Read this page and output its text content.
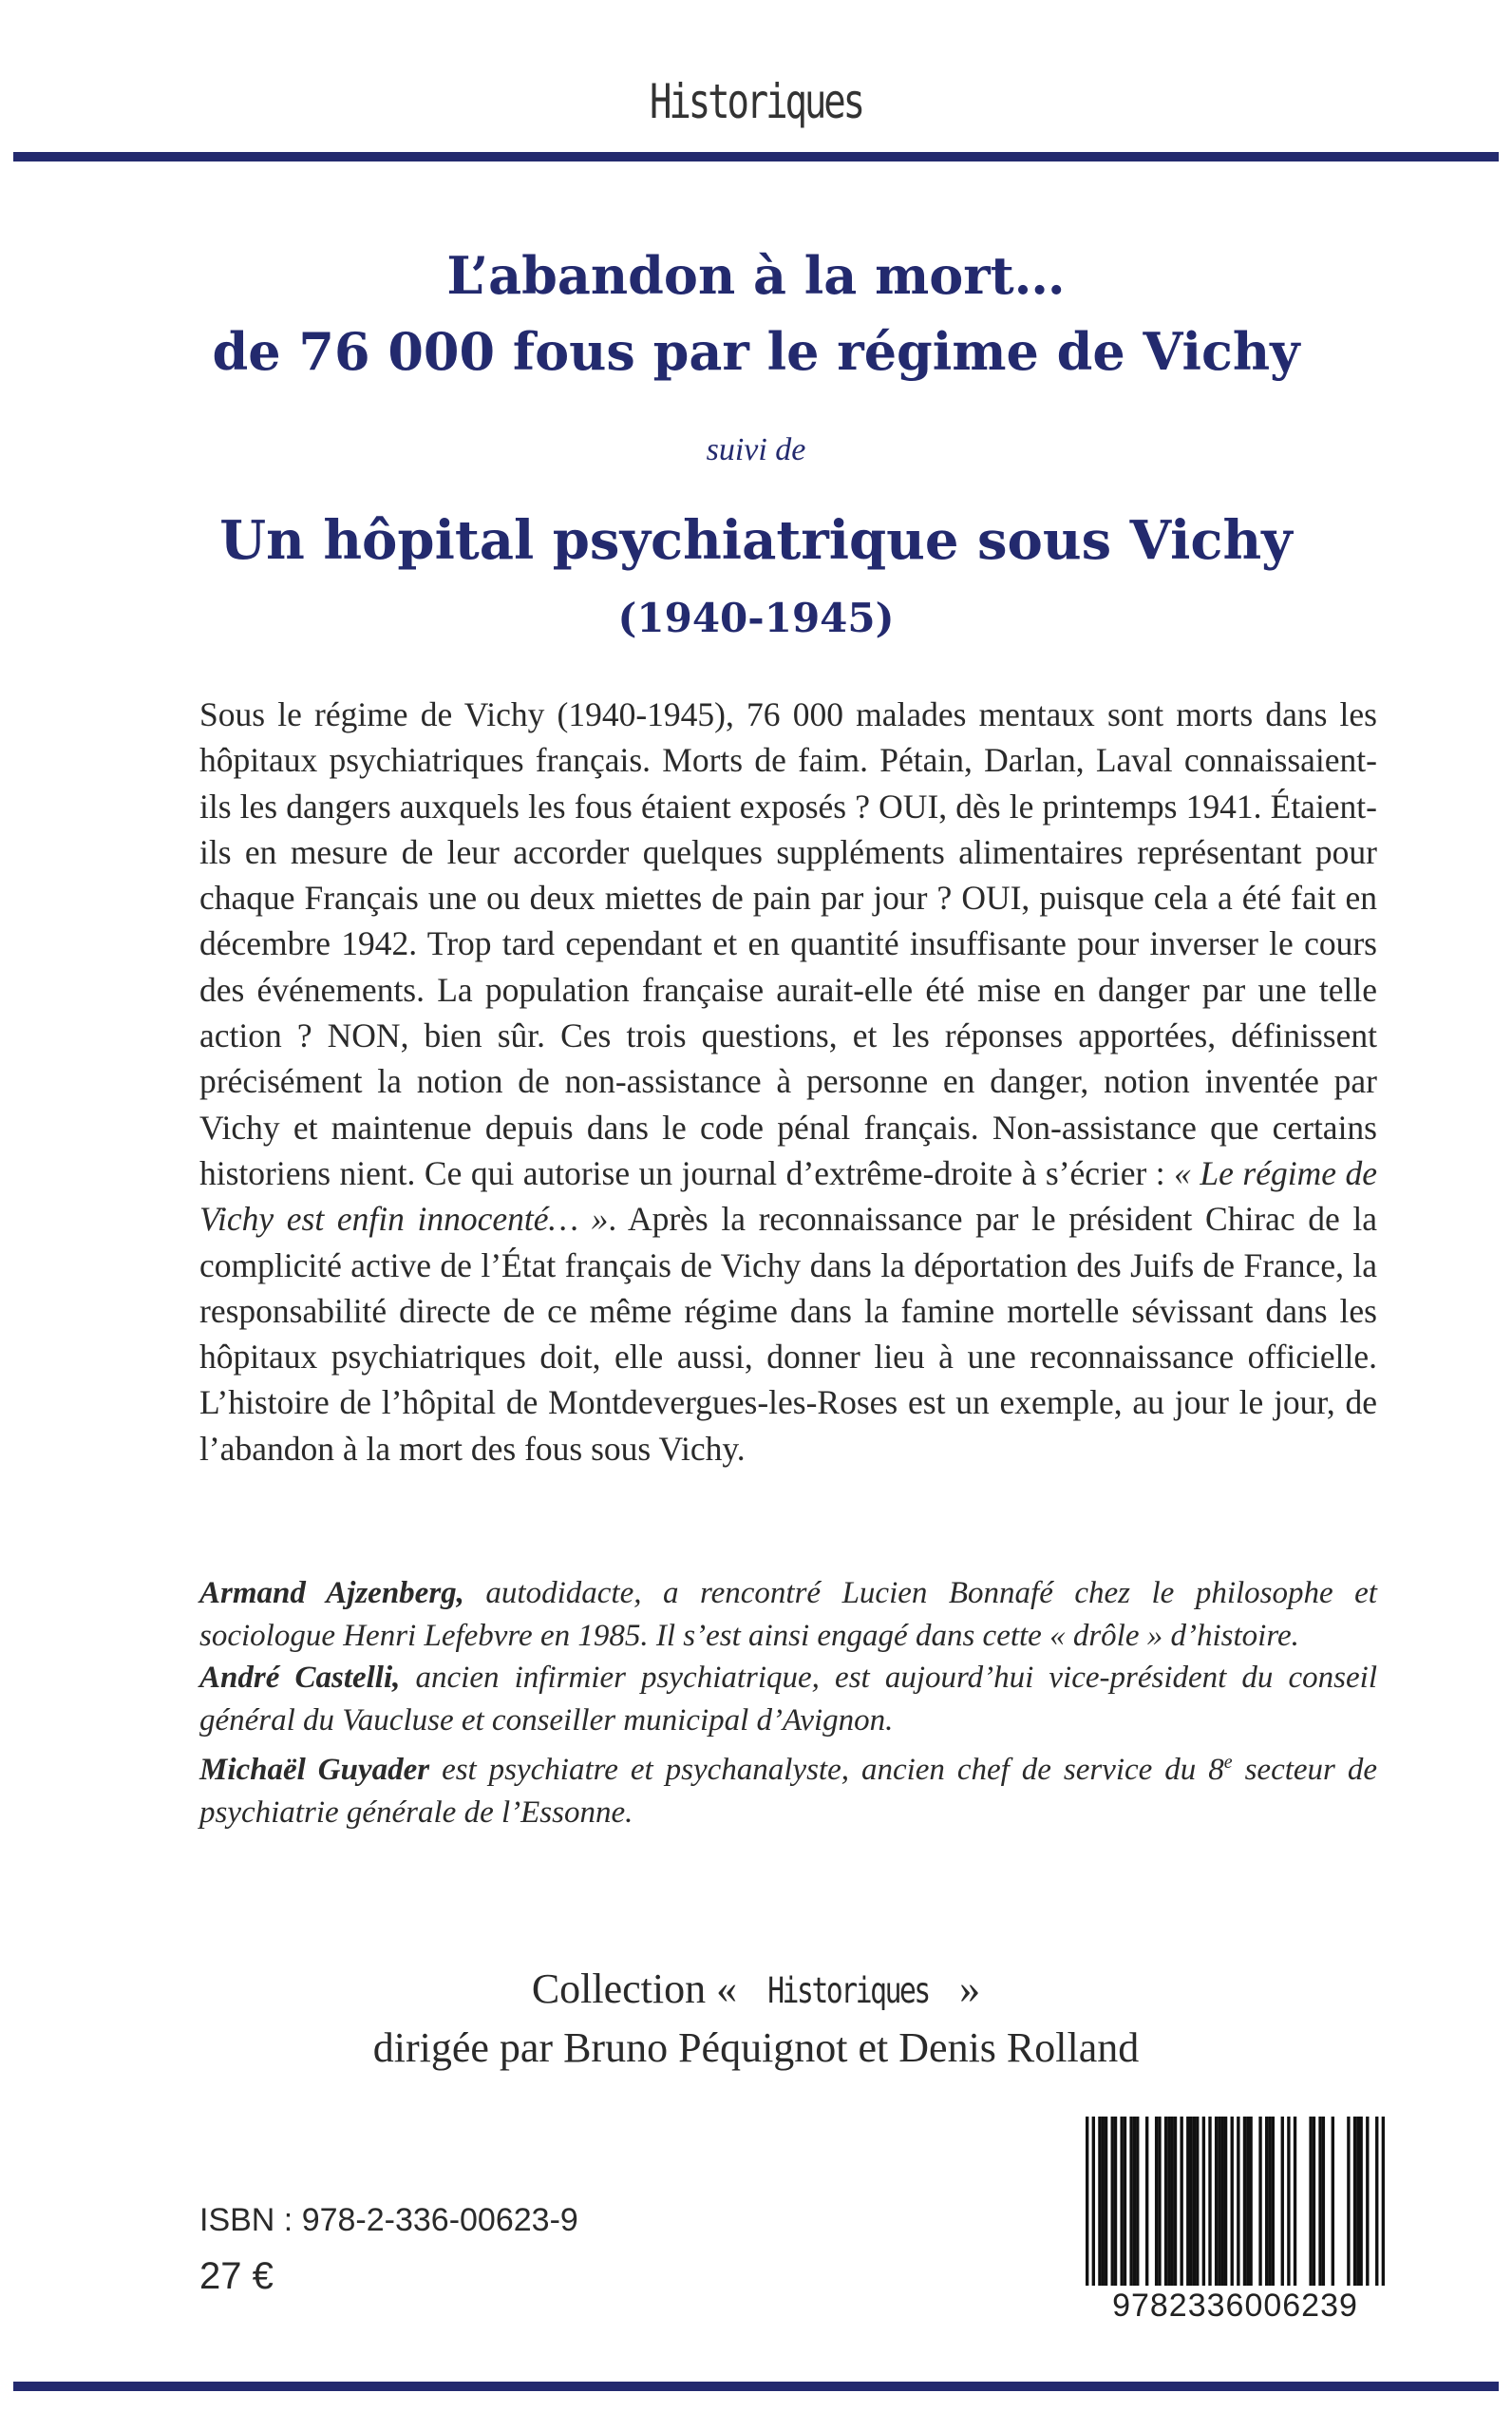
Historiques
L’abandon à la mort…
de 76 000 fous par le régime de Vichy
suivi de
Un hôpital psychiatrique sous Vichy
(1940-1945)
Sous le régime de Vichy (1940-1945), 76 000 malades mentaux sont morts dans les hôpitaux psychiatriques français. Morts de faim. Pétain, Darlan, Laval connaissaient-ils les dangers auxquels les fous étaient exposés ? OUI, dès le printemps 1941. Étaient-ils en mesure de leur accorder quelques suppléments alimentaires représentant pour chaque Français une ou deux miettes de pain par jour ? OUI, puisque cela a été fait en décembre 1942. Trop tard cependant et en quantité insuffisante pour inverser le cours des événements. La population française aurait-elle été mise en danger par une telle action ? NON, bien sûr. Ces trois questions, et les réponses apportées, définissent précisément la notion de non-assistance à personne en danger, notion inventée par Vichy et maintenue depuis dans le code pénal français. Non-assistance que certains historiens nient. Ce qui autorise un journal d’extrême-droite à s’écrier : « Le régime de Vichy est enfin innocenté… ». Après la reconnaissance par le président Chirac de la complicité active de l’État français de Vichy dans la déportation des Juifs de France, la responsabilité directe de ce même régime dans la famine mortelle sévissant dans les hôpitaux psychiatriques doit, elle aussi, donner lieu à une reconnaissance officielle. L’histoire de l’hôpital de Montdevergues-les-Roses est un exemple, au jour le jour, de l’abandon à la mort des fous sous Vichy.

Armand Ajzenberg, autodidacte, a rencontré Lucien Bonnafé chez le philosophe et sociologue Henri Lefebvre en 1985. Il s’est ainsi engagé dans cette « drôle » d’histoire.

André Castelli, ancien infirmier psychiatrique, est aujourd’hui vice-président du conseil général du Vaucluse et conseiller municipal d’Avignon.

Michaël Guyader est psychiatre et psychanalyste, ancien chef de service du 8e secteur de psychiatrie générale de l’Essonne.

Collection « Historiques »
dirigée par Bruno Péquignot et Denis Rolland
ISBN : 978-2-336-00623-9
27 €
9782336006239
